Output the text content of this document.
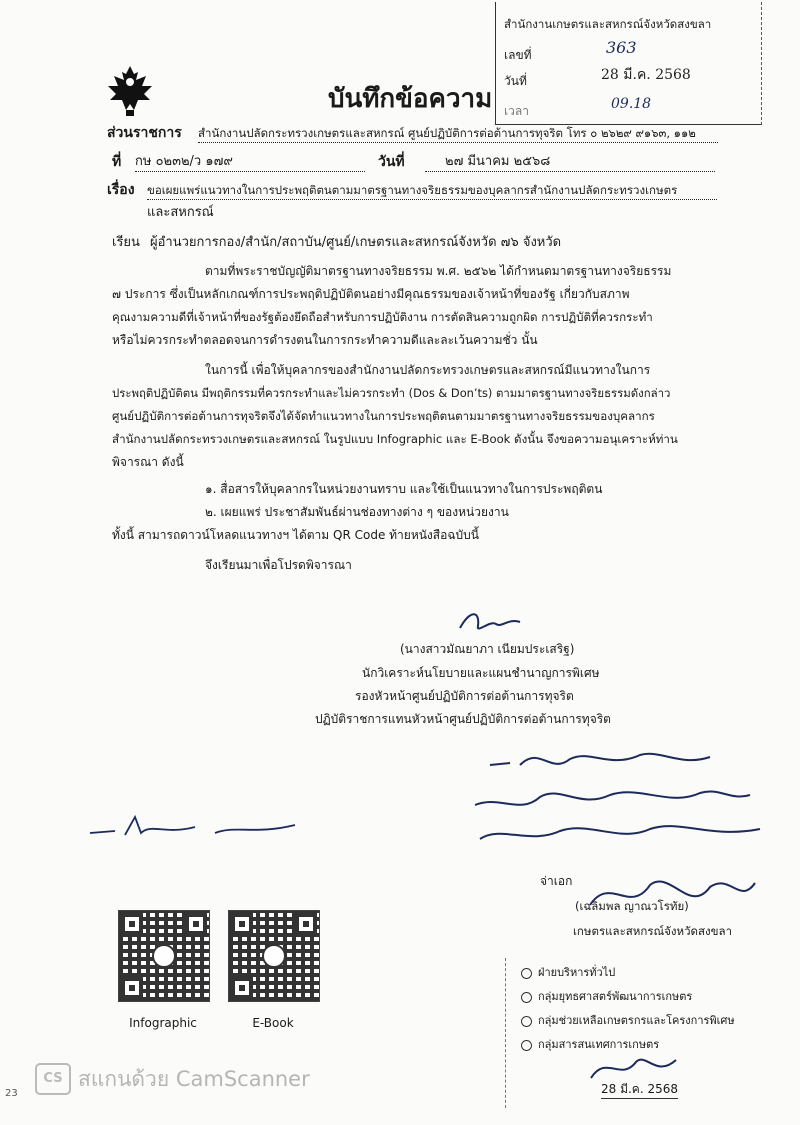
สำนักงานเกษตรและสหกรณ์จังหวัดสงขลา
เลขที่	363
วันที่	28 มี.ค. 2568
เวลา	09.18
บันทึกข้อความ
ส่วนราชการ สำนักงานปลัดกระทรวงเกษตรและสหกรณ์ ศูนย์ปฏิบัติการต่อต้านการทุจริต โทร ๐ ๒๖๒๙ ๙๑๖๓, ๑๑๒
ที่ กษ ๐๒๓๒/ว ๑๗๙	วันที่	๒๗ มีนาคม ๒๕๖๘
เรื่อง ขอเผยแพร่แนวทางในการประพฤติตนตามมาตรฐานทางจริยธรรมของบุคลากรสำนักงานปลัดกระทรวงเกษตร
และสหกรณ์
เรียน ผู้อำนวยการกอง/สำนัก/สถาบัน/ศูนย์/เกษตรและสหกรณ์จังหวัด ๗๖ จังหวัด
ตามที่พระราชบัญญัติมาตรฐานทางจริยธรรม พ.ศ. ๒๕๖๒ ได้กำหนดมาตรฐานทางจริยธรรม
๗ ประการ ซึ่งเป็นหลักเกณฑ์การประพฤติปฏิบัติตนอย่างมีคุณธรรมของเจ้าหน้าที่ของรัฐ เกี่ยวกับสภาพ
คุณงามความดีที่เจ้าหน้าที่ของรัฐต้องยึดถือสำหรับการปฏิบัติงาน การตัดสินความถูกผิด การปฏิบัติที่ควรกระทำ
หรือไม่ควรกระทำตลอดจนการดำรงตนในการกระทำความดีและละเว้นความชั่ว นั้น
ในการนี้ เพื่อให้บุคลากรของสำนักงานปลัดกระทรวงเกษตรและสหกรณ์มีแนวทางในการ
ประพฤติปฏิบัติตน มีพฤติกรรมที่ควรกระทำและไม่ควรกระทำ (Dos & Don’ts) ตามมาตรฐานทางจริยธรรมดังกล่าว
ศูนย์ปฏิบัติการต่อต้านการทุจริตจึงได้จัดทำแนวทางในการประพฤติตนตามมาตรฐานทางจริยธรรมของบุคลากร
สำนักงานปลัดกระทรวงเกษตรและสหกรณ์ ในรูปแบบ Infographic และ E-Book ดังนั้น จึงขอความอนุเคราะห์ท่าน
พิจารณา ดังนี้
๑. สื่อสารให้บุคลากรในหน่วยงานทราบ และใช้เป็นแนวทางในการประพฤติตน
๒. เผยแพร่ ประชาสัมพันธ์ผ่านช่องทางต่าง ๆ ของหน่วยงาน
ทั้งนี้ สามารถดาวน์โหลดแนวทางฯ ได้ตาม QR Code ท้ายหนังสือฉบับนี้
จึงเรียนมาเพื่อโปรดพิจารณา
(นางสาวมัณยาภา เนียมประเสริฐ)
นักวิเคราะห์นโยบายและแผนชำนาญการพิเศษ
รองหัวหน้าศูนย์ปฏิบัติการต่อต้านการทุจริต
ปฏิบัติราชการแทนหัวหน้าศูนย์ปฏิบัติการต่อต้านการทุจริต
จ่าเอก
(เฉลิมพล ญาณวโรทัย)
เกษตรและสหกรณ์จังหวัดสงขลา
Infographic	E-Book
ฝ่ายบริหารทั่วไป
กลุ่มยุทธศาสตร์พัฒนาการเกษตร
กลุ่มช่วยเหลือเกษตรกรและโครงการพิเศษ
กลุ่มสารสนเทศการเกษตร
28 มี.ค. 2568
CS สแกนด้วย CamScanner
23
